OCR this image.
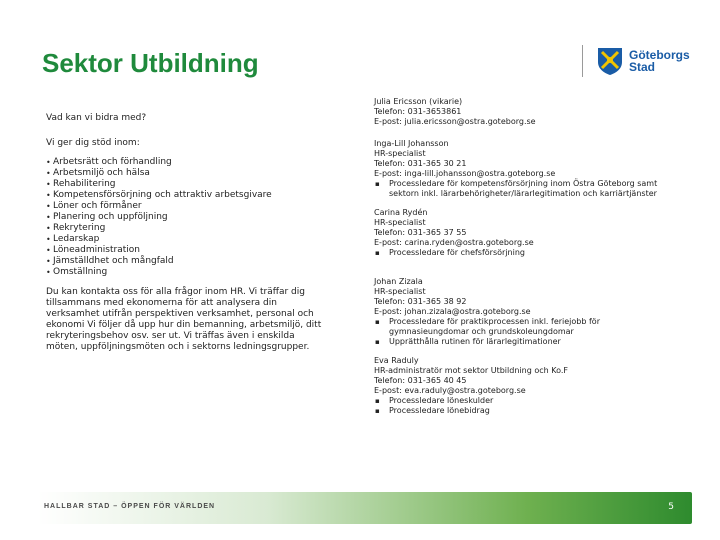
Sektor Utbildning	Göteborgs
Stad

Vad kan vi bidra med?

Vi ger dig stöd inom:

• Arbetsrätt och förhandling
• Arbetsmiljö och hälsa
• Rehabilitering
• Kompetensförsörjning och attraktiv arbetsgivare
• Löner och förmåner
• Planering och uppföljning
• Rekrytering
• Ledarskap
• Löneadministration
• Jämställdhet och mångfald
• Omställning

Du kan kontakta oss för alla frågor inom HR. Vi träffar dig tillsammans med ekonomerna för att analysera din verksamhet utifrån perspektiven verksamhet, personal och ekonomi Vi följer då upp hur din bemanning, arbetsmiljö, ditt rekryteringsbehov osv. ser ut. Vi träffas även i enskilda möten, uppföljningsmöten och i sektorns ledningsgrupper.

Julia Ericsson (vikarie)
Telefon: 031-3653861
E-post: julia.ericsson@ostra.goteborg.se
Inga-Lill Johansson
HR-specialist
Telefon: 031-365 30 21
E-post: inga-lill.johansson@ostra.goteborg.se
▪ Processledare för kompetensförsörjning inom Östra Göteborg samt sektorn inkl. lärarbehörigheter/lärarlegitimation och karriärtjänster
Carina Rydén
HR-specialist
Telefon: 031-365 37 55
E-post: carina.ryden@ostra.goteborg.se
▪ Processledare för chefsförsörjning
Johan Zizala
HR-specialist
Telefon: 031-365 38 92
E-post: johan.zizala@ostra.goteborg.se
▪ Processledare för praktikprocessen inkl. feriejobb för gymnasieungdomar och grundskoleungdomar
▪ Upprätthålla rutinen för lärarlegitimationer
Eva Raduly
HR-administratör mot sektor Utbildning och Ko.F
Telefon: 031-365 40 45
E-post: eva.raduly@ostra.goteborg.se
▪ Processledare löneskulder
▪ Processledare lönebidrag
HALLBAR STAD – ÖPPEN FÖR VÄRLDEN	5
